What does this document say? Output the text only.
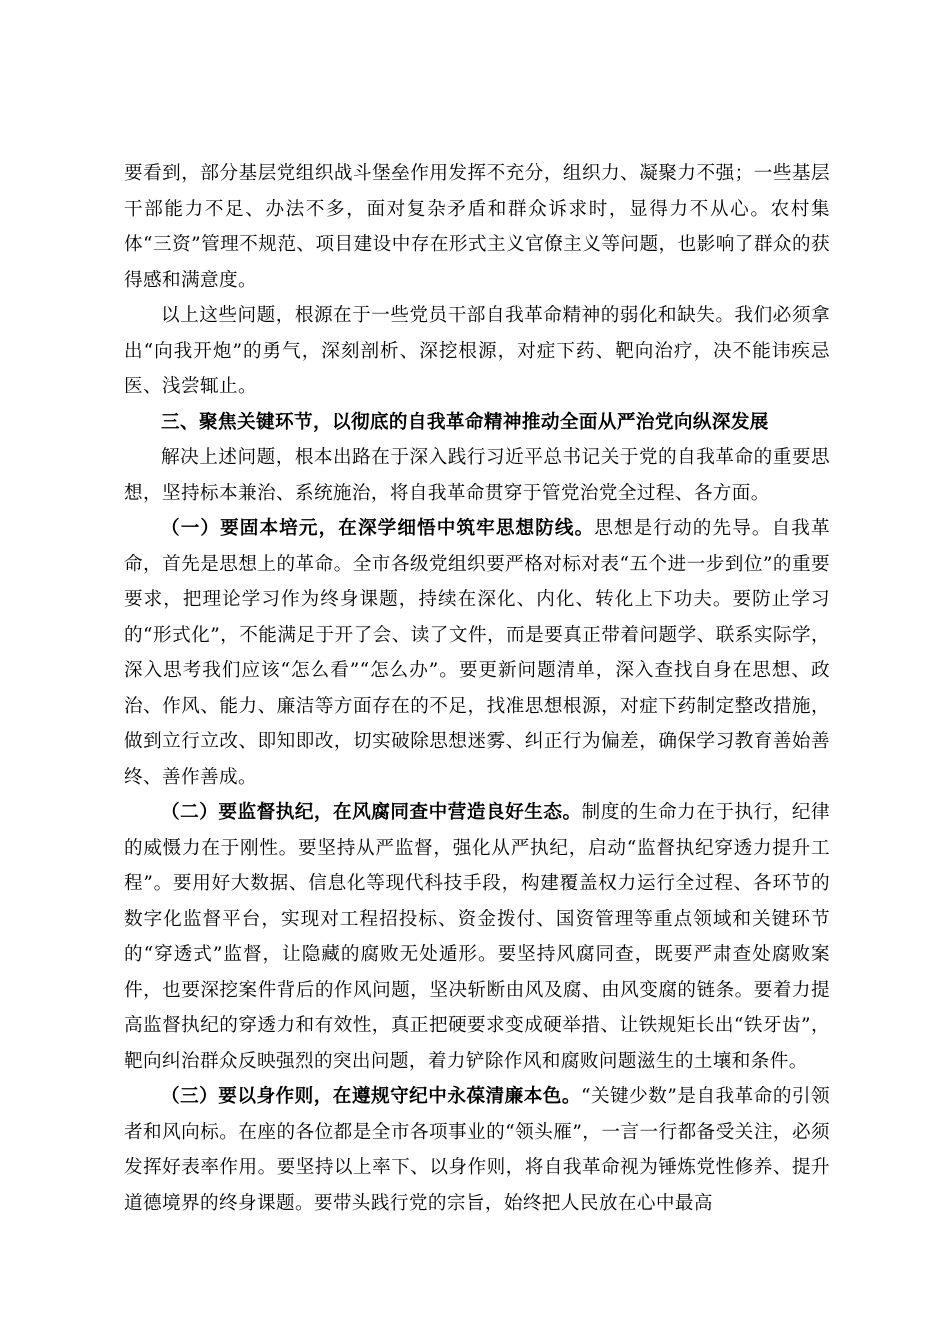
要看到，部分基层党组织战斗堡垒作用发挥不充分，组织力、凝聚力不强；一些基层干部能力不足、办法不多，面对复杂矛盾和群众诉求时，显得力不从心。农村集体“三资”管理不规范、项目建设中存在形式主义官僚主义等问题，也影响了群众的获得感和满意度。

以上这些问题，根源在于一些党员干部自我革命精神的弱化和缺失。我们必须拿出“向我开炮”的勇气，深刻剖析、深挖根源，对症下药、靶向治疗，决不能讳疾忌医、浅尝辄止。

三、聚焦关键环节，以彻底的自我革命精神推动全面从严治党向纵深发展

解决上述问题，根本出路在于深入践行习近平总书记关于党的自我革命的重要思想，坚持标本兼治、系统施治，将自我革命贯穿于管党治党全过程、各方面。

（一）要固本培元，在深学细悟中筑牢思想防线。思想是行动的先导。自我革命，首先是思想上的革命。全市各级党组织要严格对标对表“五个进一步到位”的重要要求，把理论学习作为终身课题，持续在深化、内化、转化上下功夫。要防止学习的“形式化”，不能满足于开了会、读了文件，而是要真正带着问题学、联系实际学，深入思考我们应该“怎么看”“怎么办”。要更新问题清单，深入查找自身在思想、政治、作风、能力、廉洁等方面存在的不足，找准思想根源，对症下药制定整改措施，做到立行立改、即知即改，切实破除思想迷雾、纠正行为偏差，确保学习教育善始善终、善作善成。

（二）要监督执纪，在风腐同查中营造良好生态。制度的生命力在于执行，纪律的威慑力在于刚性。要坚持从严监督，强化从严执纪，启动“监督执纪穿透力提升工程”。要用好大数据、信息化等现代科技手段，构建覆盖权力运行全过程、各环节的数字化监督平台，实现对工程招投标、资金拨付、国资管理等重点领域和关键环节的“穿透式”监督，让隐藏的腐败无处遁形。要坚持风腐同查，既要严肃查处腐败案件，也要深挖案件背后的作风问题，坚决斩断由风及腐、由风变腐的链条。要着力提高监督执纪的穿透力和有效性，真正把硬要求变成硬举措、让铁规矩长出“铁牙齿”，靶向纠治群众反映强烈的突出问题，着力铲除作风和腐败问题滋生的土壤和条件。

（三）要以身作则，在遵规守纪中永葆清廉本色。“关键少数”是自我革命的引领者和风向标。在座的各位都是全市各项事业的“领头雁”，一言一行都备受关注，必须发挥好表率作用。要坚持以上率下、以身作则，将自我革命视为锤炼党性修养、提升道德境界的终身课题。要带头践行党的宗旨，始终把人民放在心中最高
